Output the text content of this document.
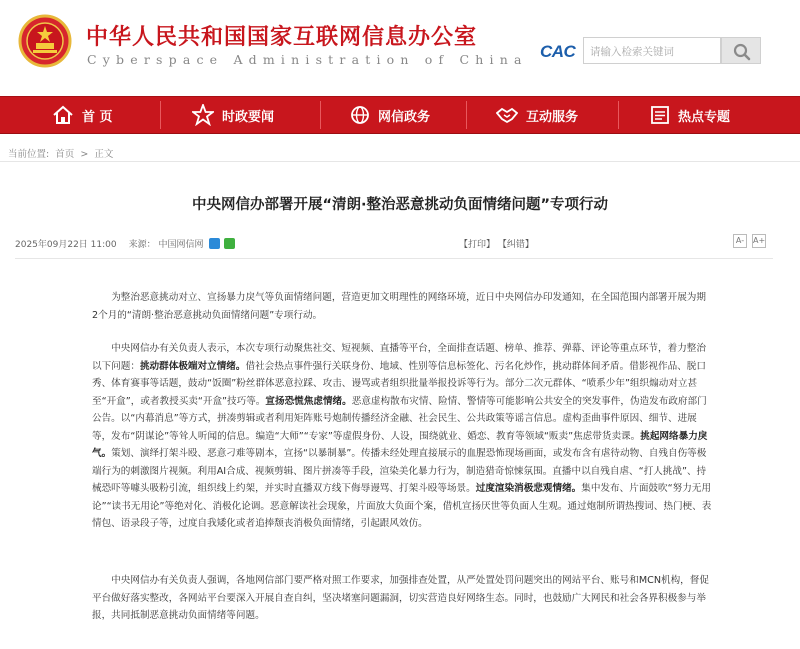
中华人民共和国国家互联网信息办公室
Cyberspace Administration of China CAC	请输入检索关键词
首 页	时政要闻	网信政务	互动服务	热点专题
当前位置: 首页 > 正文
中央网信办部署开展“清朗·整治恶意挑动负面情绪问题”专项行动
2025年09月22日 11:00 来源： 中国网信网	【打印】 【纠错】	A-	A+
为整治恶意挑动对立、宣扬暴力戾气等负面情绪问题，营造更加文明理性的网络环境，近日中央网信办印发通知，在全国范围内部署开展为期2个月的“清朗·整治恶意挑动负面情绪问题”专项行动。
中央网信办有关负责人表示，本次专项行动聚焦社交、短视频、直播等平台，全面排查话题、榜单、推荐、弹幕、评论等重点环节，着力整治以下问题：挑动群体极端对立情绪。借社会热点事件强行关联身份、地域、性别等信息标签化、污名化炒作，挑动群体间矛盾。借影视作品、脱口秀、体育赛事等话题，鼓动“饭圈”粉丝群体恶意拉踩、攻击、谩骂或者组织批量举报投诉等行为。部分二次元群体、“喷系少年”组织煽动对立甚至“开盒”，或者教授买卖“开盒”技巧等。宣扬恐慌焦虑情绪。恶意虚构散布灾情、险情、警情等可能影响公共安全的突发事件，伪造发布政府部门公告。以“内幕消息”等方式，拼凑剪辑或者利用矩阵账号炮制传播经济金融、社会民生、公共政策等谣言信息。虚构歪曲事件原因、细节、进展等，发布“阴谋论”等耸人听闻的信息。编造“大师”“专家”等虚假身份、人设，围绕就业、婚恋、教育等领域“贩卖”焦虑带货卖课。挑起网络暴力戾气。策划、演绎打架斗殴、恶意刁难等剧本，宣扬“以暴制暴”。传播未经处理直接展示的血腥恐怖现场画面，或发布含有虐待动物、自残自伤等极端行为的刺激图片视频。利用AI合成、视频剪辑、图片拼凑等手段，渲染美化暴力行为，制造猎奇惊悚氛围。直播中以自残自虐、“打人挑战”、持械恐吓等噱头吸粉引流，组织线上约架，并实时直播双方线下侮辱谩骂、打架斗殴等场景。过度渲染消极悲观情绪。集中发布、片面鼓吹“努力无用论”“读书无用论”等绝对化、消极化论调。恶意解读社会现象，片面放大负面个案，借机宣扬厌世等负面人生观。通过炮制所谓热搜词、热门梗、表情包、语录段子等，过度自我矮化或者追捧颓丧消极负面情绪，引起跟风效仿。
中央网信办有关负责人强调，各地网信部门要严格对照工作要求，加强排查处置，从严处置处罚问题突出的网站平台、账号和MCN机构，督促平台做好落实整改，各网站平台要深入开展自查自纠，坚决堵塞问题漏洞，切实营造良好网络生态。同时，也鼓励广大网民和社会各界积极参与举报，共同抵制恶意挑动负面情绪等问题。
